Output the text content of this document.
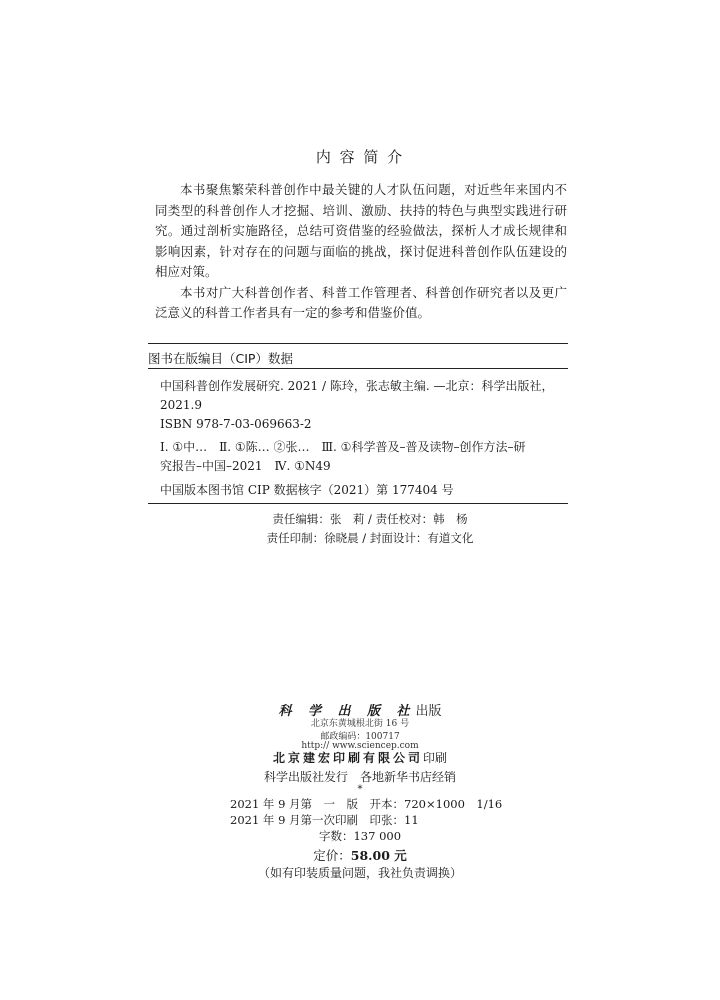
内 容 简 介

本书聚焦繁荣科普创作中最关键的人才队伍问题，对近些年来国内不同类型的科普创作人才挖掘、培训、激励、扶持的特色与典型实践进行研究。通过剖析实施路径，总结可资借鉴的经验做法，探析人才成长规律和影响因素，针对存在的问题与面临的挑战，探讨促进科普创作队伍建设的相应对策。

本书对广大科普创作者、科普工作管理者、科普创作研究者以及更广泛意义的科普工作者具有一定的参考和借鉴价值。

图书在版编目（CIP）数据
中国科普创作发展研究. 2021 / 陈玲，张志敏主编. —北京：科学出版社，
2021.9
ISBN 978-7-03-069663-2
Ⅰ. ①中…　Ⅱ. ①陈… ②张…　Ⅲ. ①科学普及–普及读物–创作方法–研
究报告–中国–2021　Ⅳ. ①N49
中国版本图书馆 CIP 数据核字（2021）第 177404 号
责任编辑：张　莉 / 责任校对：韩　杨
责任印制：徐晓晨 / 封面设计：有道文化
科 学 出 版 社出版
北京东黄城根北街 16 号
邮政编码：100717
http:// www.sciencep.com
北京建宏印刷有限公司印刷
科学出版社发行　各地新华书店经销
*
2021 年 9 月第　一　版　开本：720×1000　1/16
2021 年 9 月第一次印刷　印张：11
字数：137 000
定价：58.00 元
（如有印装质量问题，我社负责调换）
